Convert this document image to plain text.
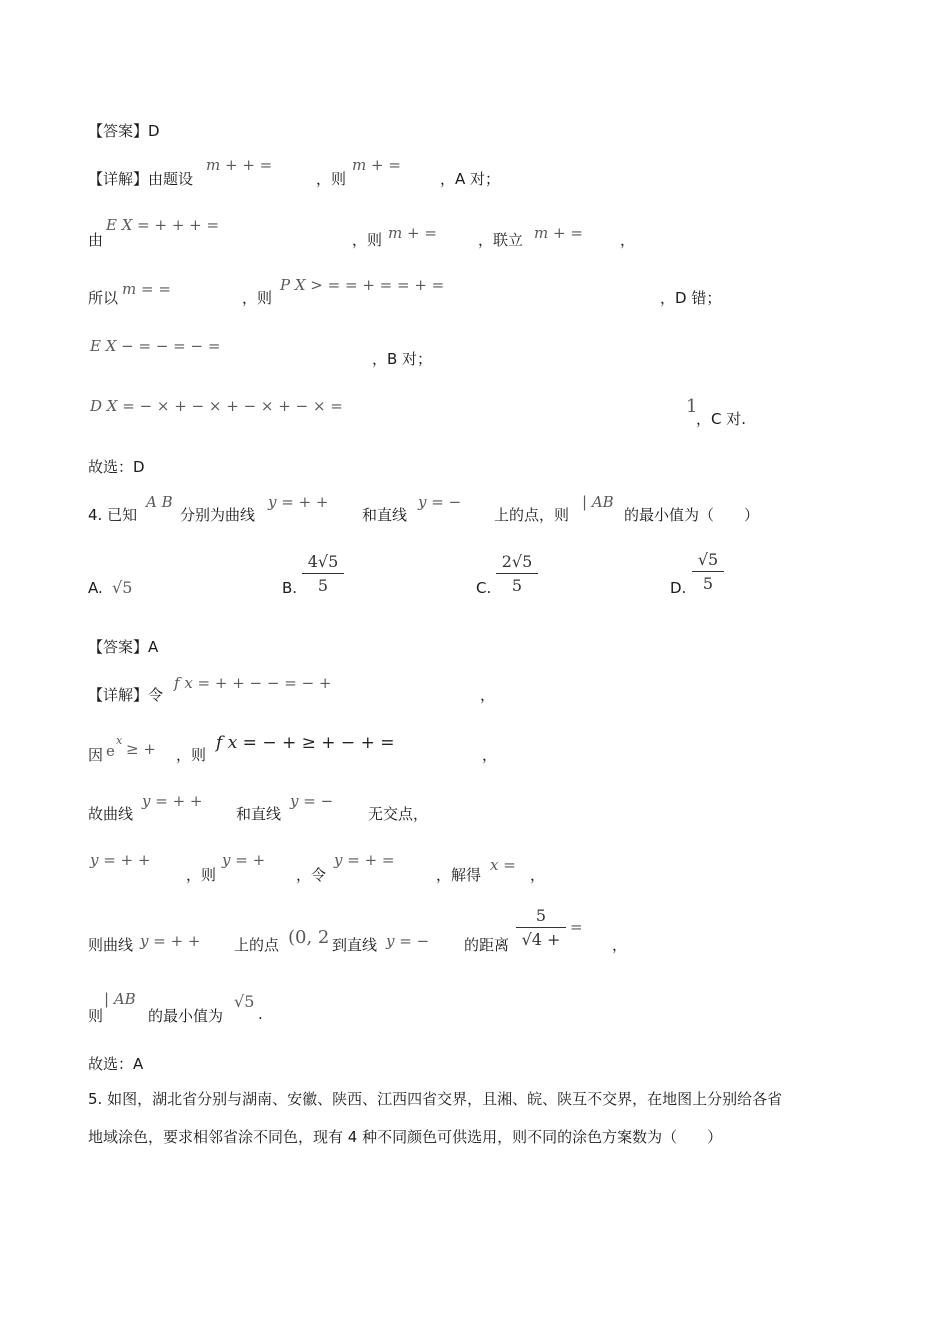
【答案】D
【详解】由题设
m + + =
，则
m + =
，A 对；
由
E X = + + + =
，则 m + =	，联立 m + = ，
所以 m = =	，则
P X > = = + = = + =
，D 错；
E X − = − = − =
，B 对；
D X = − × + − × + − × + − × =	1
，C 对.
故选：D
4. 已知
A B
分别为曲线
y = + +
和直线
y = −
上的点，则
| AB
的最小值为（　　）
A. √5	B.
4√5
5	C.
2√5
5	D.
√5
5
【答案】A
【详解】令
f x = + + − − = − +
，
因 e
x ≥ + ，则
f x = − + ≥ + − + =
，
故曲线
y = + +
和直线
y = −
无交点，
y = + +
，则
y = +
，令
y = + =
，解得
x =
，
则曲线 y = + + 上的点 (0, 2 到直线 y = − 的距离
5
√4 +
=
，
则
| AB
的最小值为
√5
.
故选：A
5. 如图，湖北省分别与湖南、安徽、陕西、江西四省交界，且湘、皖、陕互不交界，在地图上分别给各省
地域涂色，要求相邻省涂不同色，现有 4 种不同颜色可供选用，则不同的涂色方案数为（　　）
